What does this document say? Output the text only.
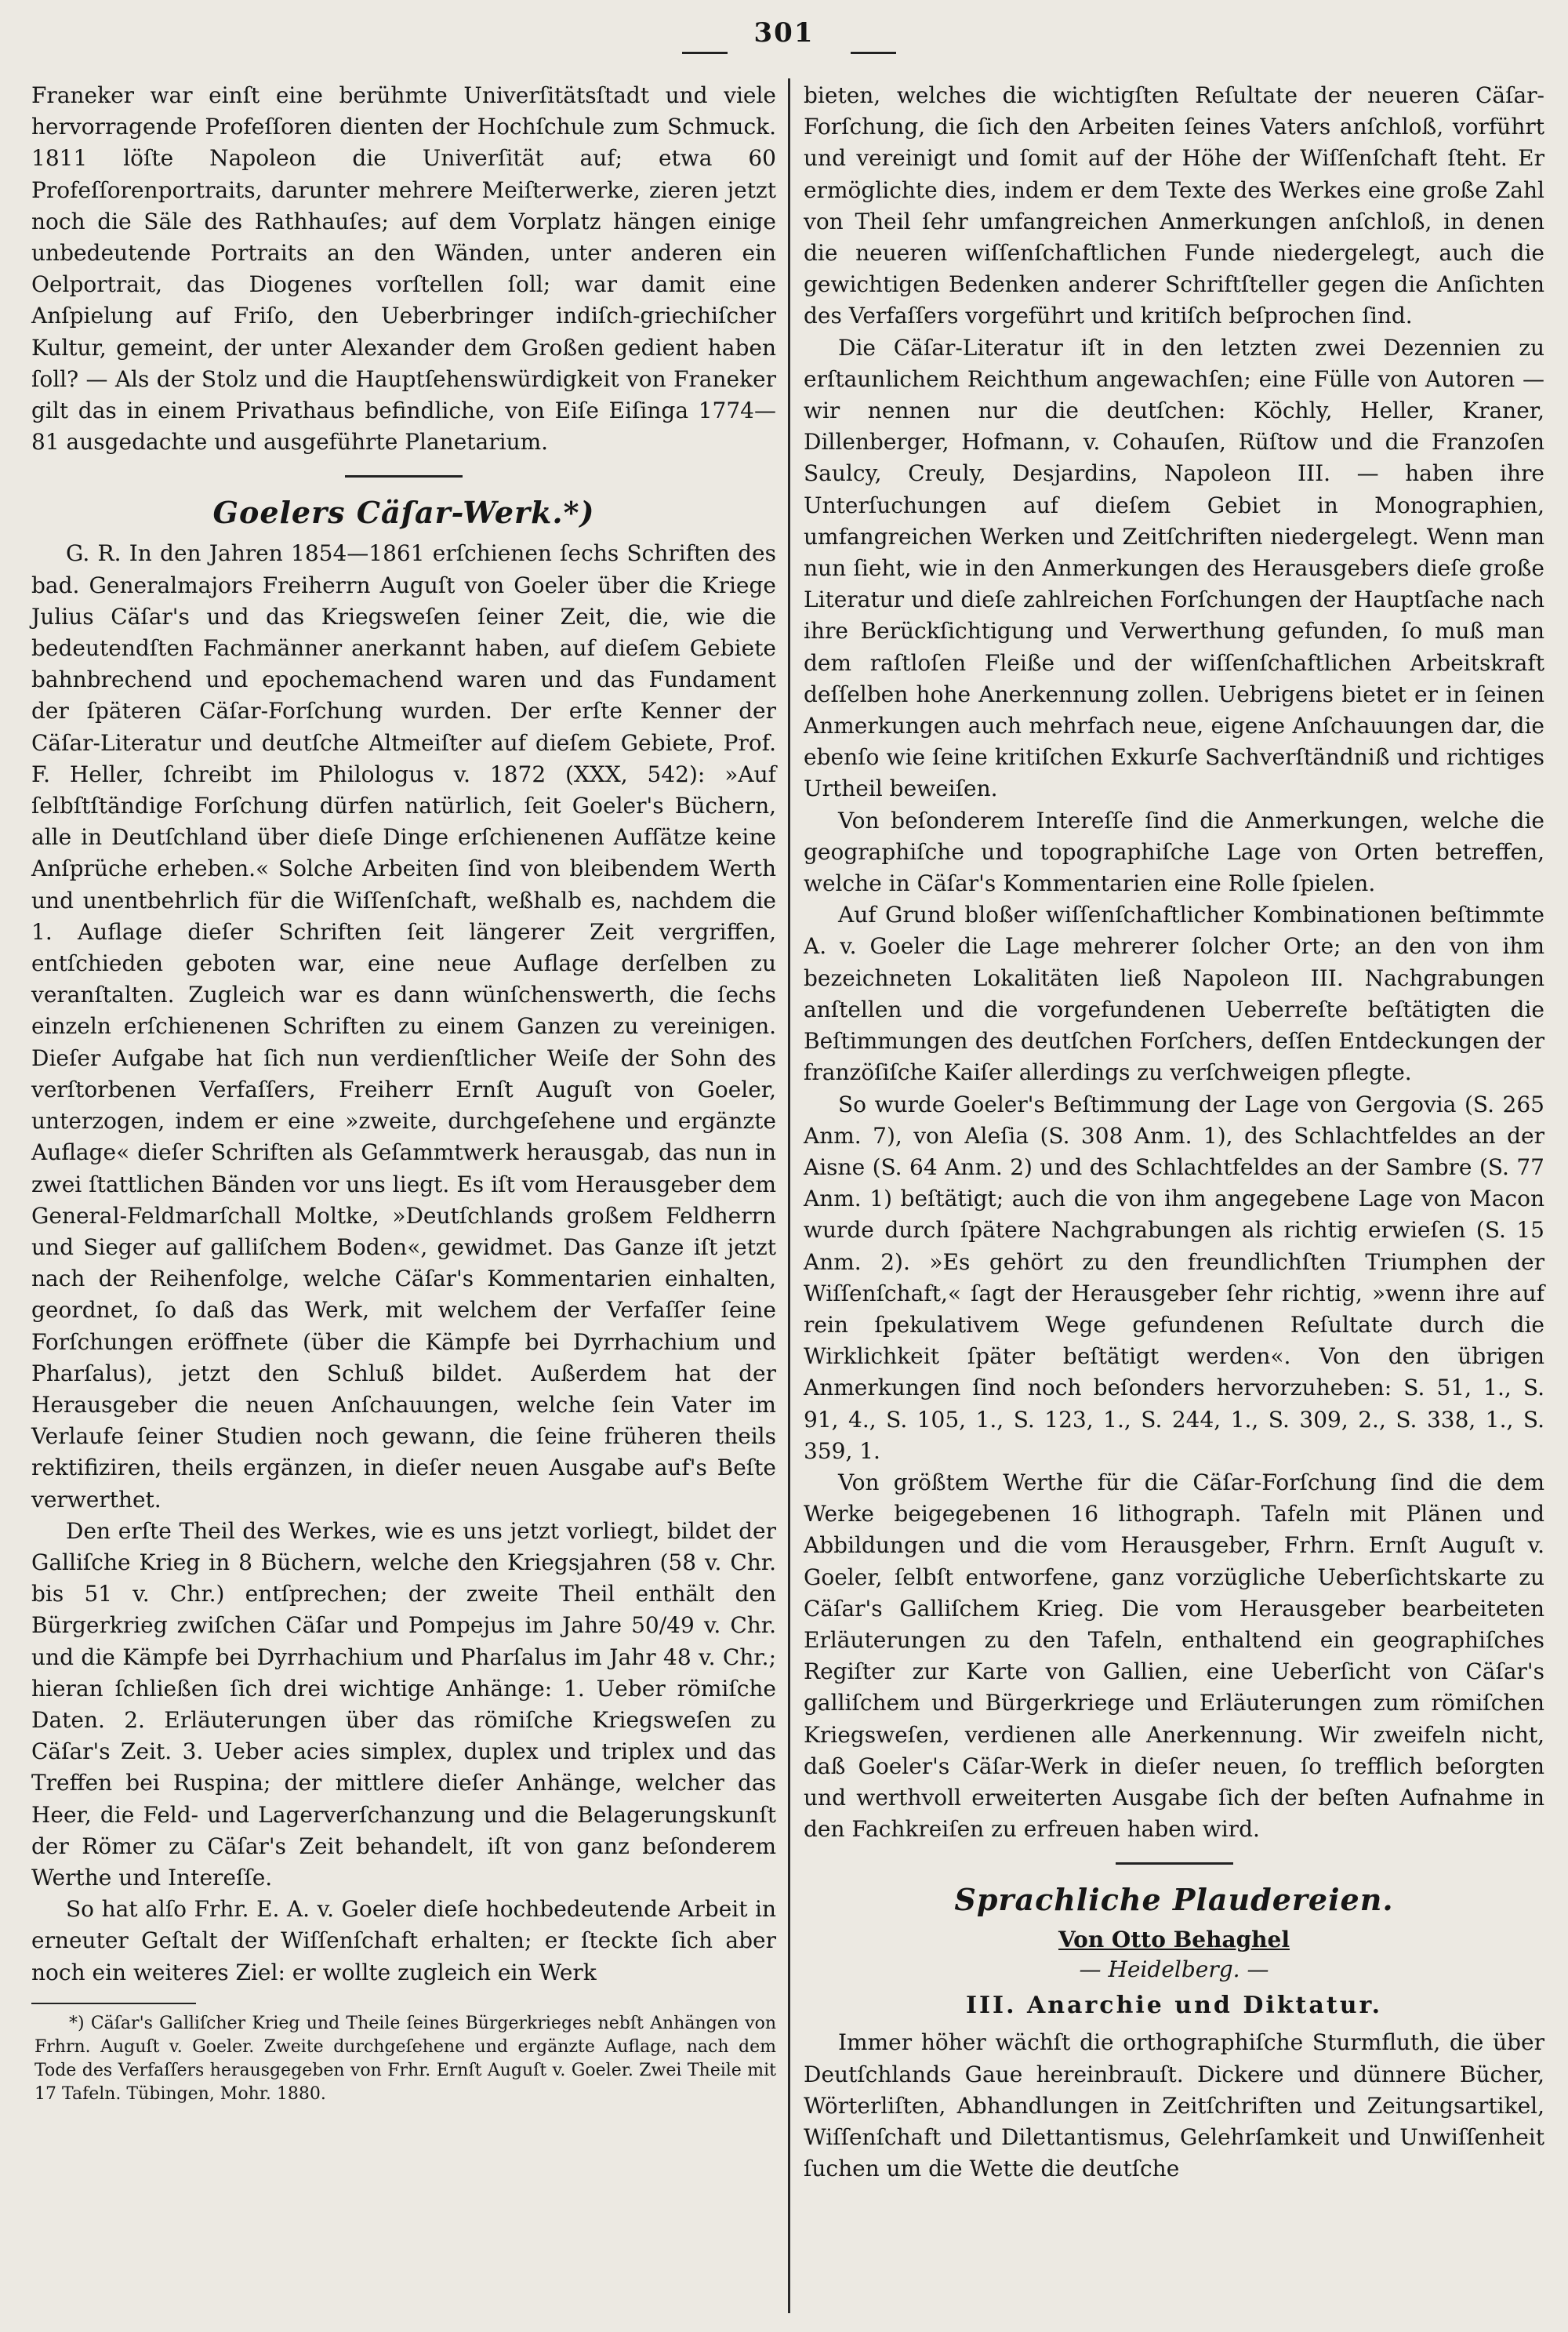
301

Franeker war einſt eine berühmte Univerſitätsſtadt und viele hervorragende Profeſſoren dienten der Hochſchule zum Schmuck. 1811 löſte Napoleon die Univerſität auf; etwa 60 Profeſſorenportraits, darunter mehrere Meiſterwerke, zieren jetzt noch die Säle des Rathhauſes; auf dem Vorplatz hängen einige unbedeutende Portraits an den Wänden, unter anderen ein Oelportrait, das Diogenes vorſtellen ſoll; war damit eine Anſpielung auf Friſo, den Ueberbringer indiſch-griechiſcher Kultur, gemeint, der unter Alexander dem Großen gedient haben ſoll? — Als der Stolz und die Hauptſehenswürdigkeit von Franeker gilt das in einem Privathaus befindliche, von Eiſe Eiſinga 1774—81 ausgedachte und ausgeführte Planetarium.

Goelers Cäſar-Werk.*)

G. R. In den Jahren 1854—1861 erſchienen ſechs Schriften des bad. Generalmajors Freiherrn Auguſt von Goeler über die Kriege Julius Cäſar's und das Kriegsweſen ſeiner Zeit, die, wie die bedeutendſten Fachmänner anerkannt haben, auf dieſem Gebiete bahnbrechend und epochemachend waren und das Fundament der ſpäteren Cäſar-Forſchung wurden. Der erſte Kenner der Cäſar-Literatur und deutſche Altmeiſter auf dieſem Gebiete, Prof. F. Heller, ſchreibt im Philologus v. 1872 (XXX, 542): »Auf ſelbſtſtändige Forſchung dürfen natürlich, ſeit Goeler's Büchern, alle in Deutſchland über dieſe Dinge erſchienenen Aufſätze keine Anſprüche erheben.« Solche Arbeiten ſind von bleibendem Werth und unentbehrlich für die Wiſſenſchaft, weßhalb es, nachdem die 1. Auflage dieſer Schriften ſeit längerer Zeit vergriffen, entſchieden geboten war, eine neue Auflage derſelben zu veranſtalten. Zugleich war es dann wünſchenswerth, die ſechs einzeln erſchienenen Schriften zu einem Ganzen zu vereinigen. Dieſer Aufgabe hat ſich nun verdienſtlicher Weiſe der Sohn des verſtorbenen Verfaſſers, Freiherr Ernſt Auguſt von Goeler, unterzogen, indem er eine »zweite, durchgeſehene und ergänzte Auflage« dieſer Schriften als Geſammtwerk herausgab, das nun in zwei ſtattlichen Bänden vor uns liegt. Es iſt vom Herausgeber dem General-Feldmarſchall Moltke, »Deutſchlands großem Feldherrn und Sieger auf galliſchem Boden«, gewidmet. Das Ganze iſt jetzt nach der Reihenfolge, welche Cäſar's Kommentarien einhalten, geordnet, ſo daß das Werk, mit welchem der Verfaſſer ſeine Forſchungen eröffnete (über die Kämpfe bei Dyrrhachium und Pharſalus), jetzt den Schluß bildet. Außerdem hat der Herausgeber die neuen Anſchauungen, welche ſein Vater im Verlaufe ſeiner Studien noch gewann, die ſeine früheren theils rektifiziren, theils ergänzen, in dieſer neuen Ausgabe auf's Beſte verwerthet.

Den erſte Theil des Werkes, wie es uns jetzt vorliegt, bildet der Galliſche Krieg in 8 Büchern, welche den Kriegsjahren (58 v. Chr. bis 51 v. Chr.) entſprechen; der zweite Theil enthält den Bürgerkrieg zwiſchen Cäſar und Pompejus im Jahre 50/49 v. Chr. und die Kämpfe bei Dyrrhachium und Pharſalus im Jahr 48 v. Chr.; hieran ſchließen ſich drei wichtige Anhänge: 1. Ueber römiſche Daten. 2. Erläuterungen über das römiſche Kriegsweſen zu Cäſar's Zeit. 3. Ueber acies simplex, duplex und triplex und das Treffen bei Ruspina; der mittlere dieſer Anhänge, welcher das Heer, die Feld- und Lagerverſchanzung und die Belagerungskunſt der Römer zu Cäſar's Zeit behandelt, iſt von ganz beſonderem Werthe und Intereſſe.

So hat alſo Frhr. E. A. v. Goeler dieſe hochbedeutende Arbeit in erneuter Geſtalt der Wiſſenſchaft erhalten; er ſteckte ſich aber noch ein weiteres Ziel: er wollte zugleich ein Werk

*) Cäſar's Galliſcher Krieg und Theile ſeines Bürgerkrieges nebſt Anhängen von Frhrn. Auguſt v. Goeler. Zweite durchgeſehene und ergänzte Auflage, nach dem Tode des Verfaſſers herausgegeben von Frhr. Ernſt Auguſt v. Goeler. Zwei Theile mit 17 Tafeln. Tübingen, Mohr. 1880.

bieten, welches die wichtigſten Reſultate der neueren Cäſar-Forſchung, die ſich den Arbeiten ſeines Vaters anſchloß, vorführt und vereinigt und ſomit auf der Höhe der Wiſſenſchaft ſteht. Er ermöglichte dies, indem er dem Texte des Werkes eine große Zahl von Theil ſehr umfangreichen Anmerkungen anſchloß, in denen die neueren wiſſenſchaftlichen Funde niedergelegt, auch die gewichtigen Bedenken anderer Schriftſteller gegen die Anſichten des Verfaſſers vorgeführt und kritiſch beſprochen ſind.

Die Cäſar-Literatur iſt in den letzten zwei Dezennien zu erſtaunlichem Reichthum angewachſen; eine Fülle von Autoren — wir nennen nur die deutſchen: Köchly, Heller, Kraner, Dillenberger, Hofmann, v. Cohauſen, Rüſtow und die Franzoſen Saulcy, Creuly, Desjardins, Napoleon III. — haben ihre Unterſuchungen auf dieſem Gebiet in Monographien, umfangreichen Werken und Zeitſchriften niedergelegt. Wenn man nun ſieht, wie in den Anmerkungen des Herausgebers dieſe große Literatur und dieſe zahlreichen Forſchungen der Hauptſache nach ihre Berückſichtigung und Verwerthung gefunden, ſo muß man dem raſtloſen Fleiße und der wiſſenſchaftlichen Arbeitskraft deſſelben hohe Anerkennung zollen. Uebrigens bietet er in ſeinen Anmerkungen auch mehrfach neue, eigene Anſchauungen dar, die ebenſo wie ſeine kritiſchen Exkurſe Sachverſtändniß und richtiges Urtheil beweiſen.

Von beſonderem Intereſſe ſind die Anmerkungen, welche die geographiſche und topographiſche Lage von Orten betreffen, welche in Cäſar's Kommentarien eine Rolle ſpielen.

Auf Grund bloßer wiſſenſchaftlicher Kombinationen beſtimmte A. v. Goeler die Lage mehrerer ſolcher Orte; an den von ihm bezeichneten Lokalitäten ließ Napoleon III. Nachgrabungen anſtellen und die vorgefundenen Ueberreſte beſtätigten die Beſtimmungen des deutſchen Forſchers, deſſen Entdeckungen der franzöſiſche Kaiſer allerdings zu verſchweigen pflegte.

So wurde Goeler's Beſtimmung der Lage von Gergovia (S. 265 Anm. 7), von Aleſia (S. 308 Anm. 1), des Schlachtfeldes an der Aisne (S. 64 Anm. 2) und des Schlachtfeldes an der Sambre (S. 77 Anm. 1) beſtätigt; auch die von ihm angegebene Lage von Macon wurde durch ſpätere Nachgrabungen als richtig erwieſen (S. 15 Anm. 2). »Es gehört zu den freundlichſten Triumphen der Wiſſenſchaft,« ſagt der Herausgeber ſehr richtig, »wenn ihre auf rein ſpekulativem Wege gefundenen Reſultate durch die Wirklichkeit ſpäter beſtätigt werden«. Von den übrigen Anmerkungen ſind noch beſonders hervorzuheben: S. 51, 1., S. 91, 4., S. 105, 1., S. 123, 1., S. 244, 1., S. 309, 2., S. 338, 1., S. 359, 1.

Von größtem Werthe für die Cäſar-Forſchung ſind die dem Werke beigegebenen 16 lithograph. Tafeln mit Plänen und Abbildungen und die vom Herausgeber, Frhrn. Ernſt Auguſt v. Goeler, ſelbſt entworfene, ganz vorzügliche Ueberſichtskarte zu Cäſar's Galliſchem Krieg. Die vom Herausgeber bearbeiteten Erläuterungen zu den Tafeln, enthaltend ein geographiſches Regiſter zur Karte von Gallien, eine Ueberſicht von Cäſar's galliſchem und Bürgerkriege und Erläuterungen zum römiſchen Kriegsweſen, verdienen alle Anerkennung. Wir zweifeln nicht, daß Goeler's Cäſar-Werk in dieſer neuen, ſo trefflich beſorgten und werthvoll erweiterten Ausgabe ſich der beſten Aufnahme in den Fachkreiſen zu erfreuen haben wird.

Sprachliche Plaudereien.
Von Otto Behaghel
— Heidelberg. —
III. Anarchie und Diktatur.

Immer höher wächſt die orthographiſche Sturmfluth, die über Deutſchlands Gaue hereinbrauſt. Dickere und dünnere Bücher, Wörterliſten, Abhandlungen in Zeitſchriften und Zeitungsartikel, Wiſſenſchaft und Dilettantismus, Gelehrſamkeit und Unwiſſenheit ſuchen um die Wette die deutſche
